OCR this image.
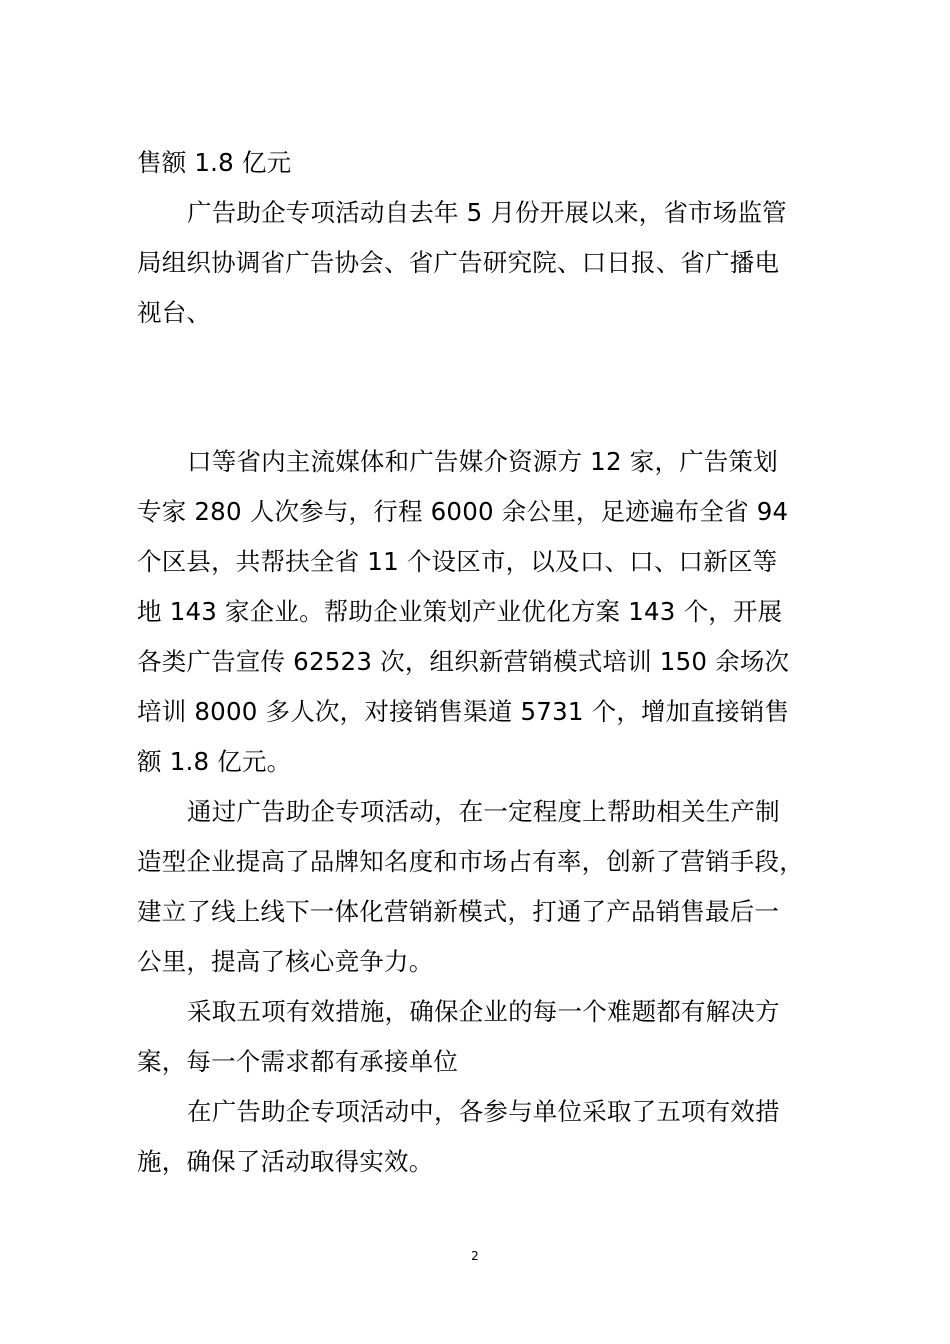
售额 1.8 亿元

广告助企专项活动自去年 5 月份开展以来，省市场监管

局组织协调省广告协会、省广告研究院、口日报、省广播电

视台、

口等省内主流媒体和广告媒介资源方 12 家，广告策划

专家 280 人次参与，行程 6000 余公里，足迹遍布全省 94

个区县，共帮扶全省 11 个设区市，以及口、口、口新区等

地 143 家企业。帮助企业策划产业优化方案 143 个，开展

各类广告宣传 62523 次，组织新营销模式培训 150 余场次

培训 8000 多人次，对接销售渠道 5731 个，增加直接销售

额 1.8 亿元。

通过广告助企专项活动，在一定程度上帮助相关生产制

造型企业提高了品牌知名度和市场占有率，创新了营销手段，

建立了线上线下一体化营销新模式，打通了产品销售最后一

公里，提高了核心竞争力。

采取五项有效措施，确保企业的每一个难题都有解决方

案，每一个需求都有承接单位

在广告助企专项活动中，各参与单位采取了五项有效措

施，确保了活动取得实效。

2
